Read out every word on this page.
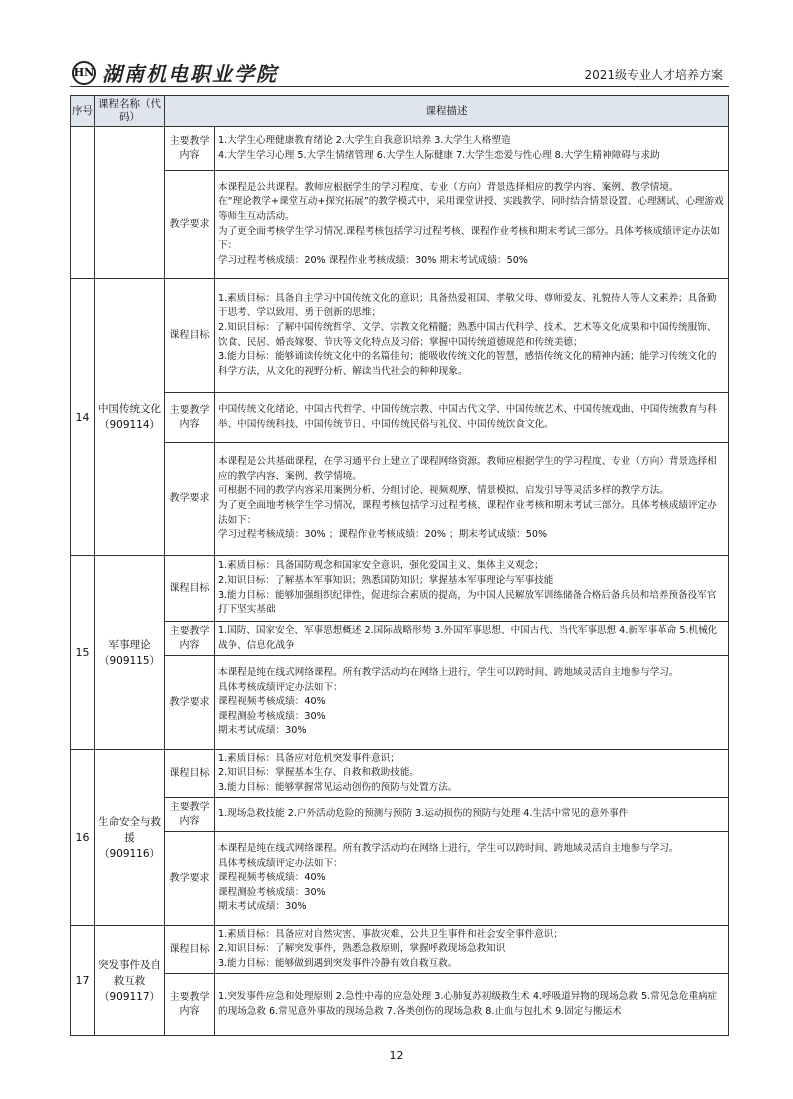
HN 湖南机电职业学院	2021级专业人才培养方案
序号	课程名称（代码）	课程描述	
		主要教学内容	1.大学生心理健康教育绪论 2.大学生自我意识培养 3.大学生人格塑造
4.大学生学习心理 5.大学生情绪管理 6.大学生人际健康 7.大学生恋爱与性心理 8.大学生精神障碍与求助

		教学要求	本课程是公共课程。教师应根据学生的学习程度、专业（方向）背景选择相应的教学内容、案例、教学情境。
在“理论教学+课堂互动+探究拓展”的教学模式中，采用课堂讲授、实践教学、同时结合情景设置、心理测试、心理游戏等师生互动活动。
为了更全面考核学生学习情况.课程考核包括学习过程考核、课程作业考核和期末考试三部分。具体考核成绩评定办法如下：
学习过程考核成绩：20% 课程作业考核成绩：30% 期末考试成绩：50%

14	中国传统文化（909114）	课程目标	1.素质目标：具备自主学习中国传统文化的意识；具备热爱祖国、孝敬父母、尊师爱友、礼貌待人等人文素养；具备勤于思考、学以致用、勇于创新的思维；
2.知识目标：了解中国传统哲学、文学、宗教文化精髓；熟悉中国古代科学、技术、艺术等文化成果和中国传统服饰、饮食、民居、婚丧嫁娶、节庆等文化特点及习俗；掌握中国传统道德规范和传统美德；
3.能力目标：能够诵读传统文化中的名篇佳句；能吸收传统文化的智慧，感悟传统文化的精神内涵；能学习传统文化的科学方法，从文化的视野分析、解读当代社会的种种现象。

		主要教学内容	中国传统文化绪论、中国古代哲学、中国传统宗教、中国古代文学、中国传统艺术、中国传统戏曲、中国传统教育与科举、中国传统科技、中国传统节日、中国传统民俗与礼仪、中国传统饮食文化。

		教学要求	本课程是公共基础课程，在学习通平台上建立了课程网络资源。教师应根据学生的学习程度、专业（方向）背景选择相应的教学内容、案例、教学情境。
可根据不同的教学内容采用案例分析、分组讨论、视频观摩、情景模拟、启发引导等灵活多样的教学方法。
为了更全面地考核学生学习情况，课程考核包括学习过程考核、课程作业考核和期末考试三部分。具体考核成绩评定办法如下：
学习过程考核成绩：30% ；课程作业考核成绩：20% ；期末考试成绩：50%

15	军事理论（909115）	课程目标	1.素质目标：具备国防观念和国家安全意识，强化爱国主义、集体主义观念；
2.知识目标：了解基本军事知识；熟悉国防知识；掌握基本军事理论与军事技能
3.能力目标：能够加强组织纪律性，促进综合素质的提高，为中国人民解放军训练储备合格后备兵员和培养预备役军官打下坚实基础

		主要教学内容	1.国防、国家安全、军事思想概述 2.国际战略形势 3.外国军事思想、中国古代、当代军事思想 4.新军事革命 5.机械化战争、信息化战争

		教学要求	本课程是纯在线式网络课程。所有教学活动均在网络上进行，学生可以跨时间、跨地域灵活自主地参与学习。
具体考核成绩评定办法如下：
课程视频考核成绩：40%
课程测验考核成绩：30%
期末考试成绩：30%

16	生命安全与救援（909116）	课程目标	1.素质目标：具备应对危机突发事件意识；
2.知识目标：掌握基本生存、自救和救助技能。
3.能力目标：能够掌握常见运动创伤的预防与处置方法。

		主要教学内容	1.现场急救技能 2.户外活动危险的预测与预防 3.运动损伤的预防与处理 4.生活中常见的意外事件

		教学要求	本课程是纯在线式网络课程。所有教学活动均在网络上进行，学生可以跨时间、跨地域灵活自主地参与学习。
具体考核成绩评定办法如下：
课程视频考核成绩：40%
课程测验考核成绩：30%
期末考试成绩：30%

17	突发事件及自救互救（909117）	课程目标	1.素质目标：具备应对自然灾害、事故灾难、公共卫生事件和社会安全事件意识；
2.知识目标：了解突发事件，熟悉急救原则，掌握呼救现场急救知识
3.能力目标：能够做到遇到突发事件冷静有效自救互救。

		主要教学内容	1.突发事件应急和处理原则 2.急性中毒的应急处理 3.心肺复苏初级救生术 4.呼吸道异物的现场急救 5.常见急危重病症的现场急救 6.常见意外事故的现场急救 7.各类创伤的现场急救 8.止血与包扎术 9.固定与搬运术
12
